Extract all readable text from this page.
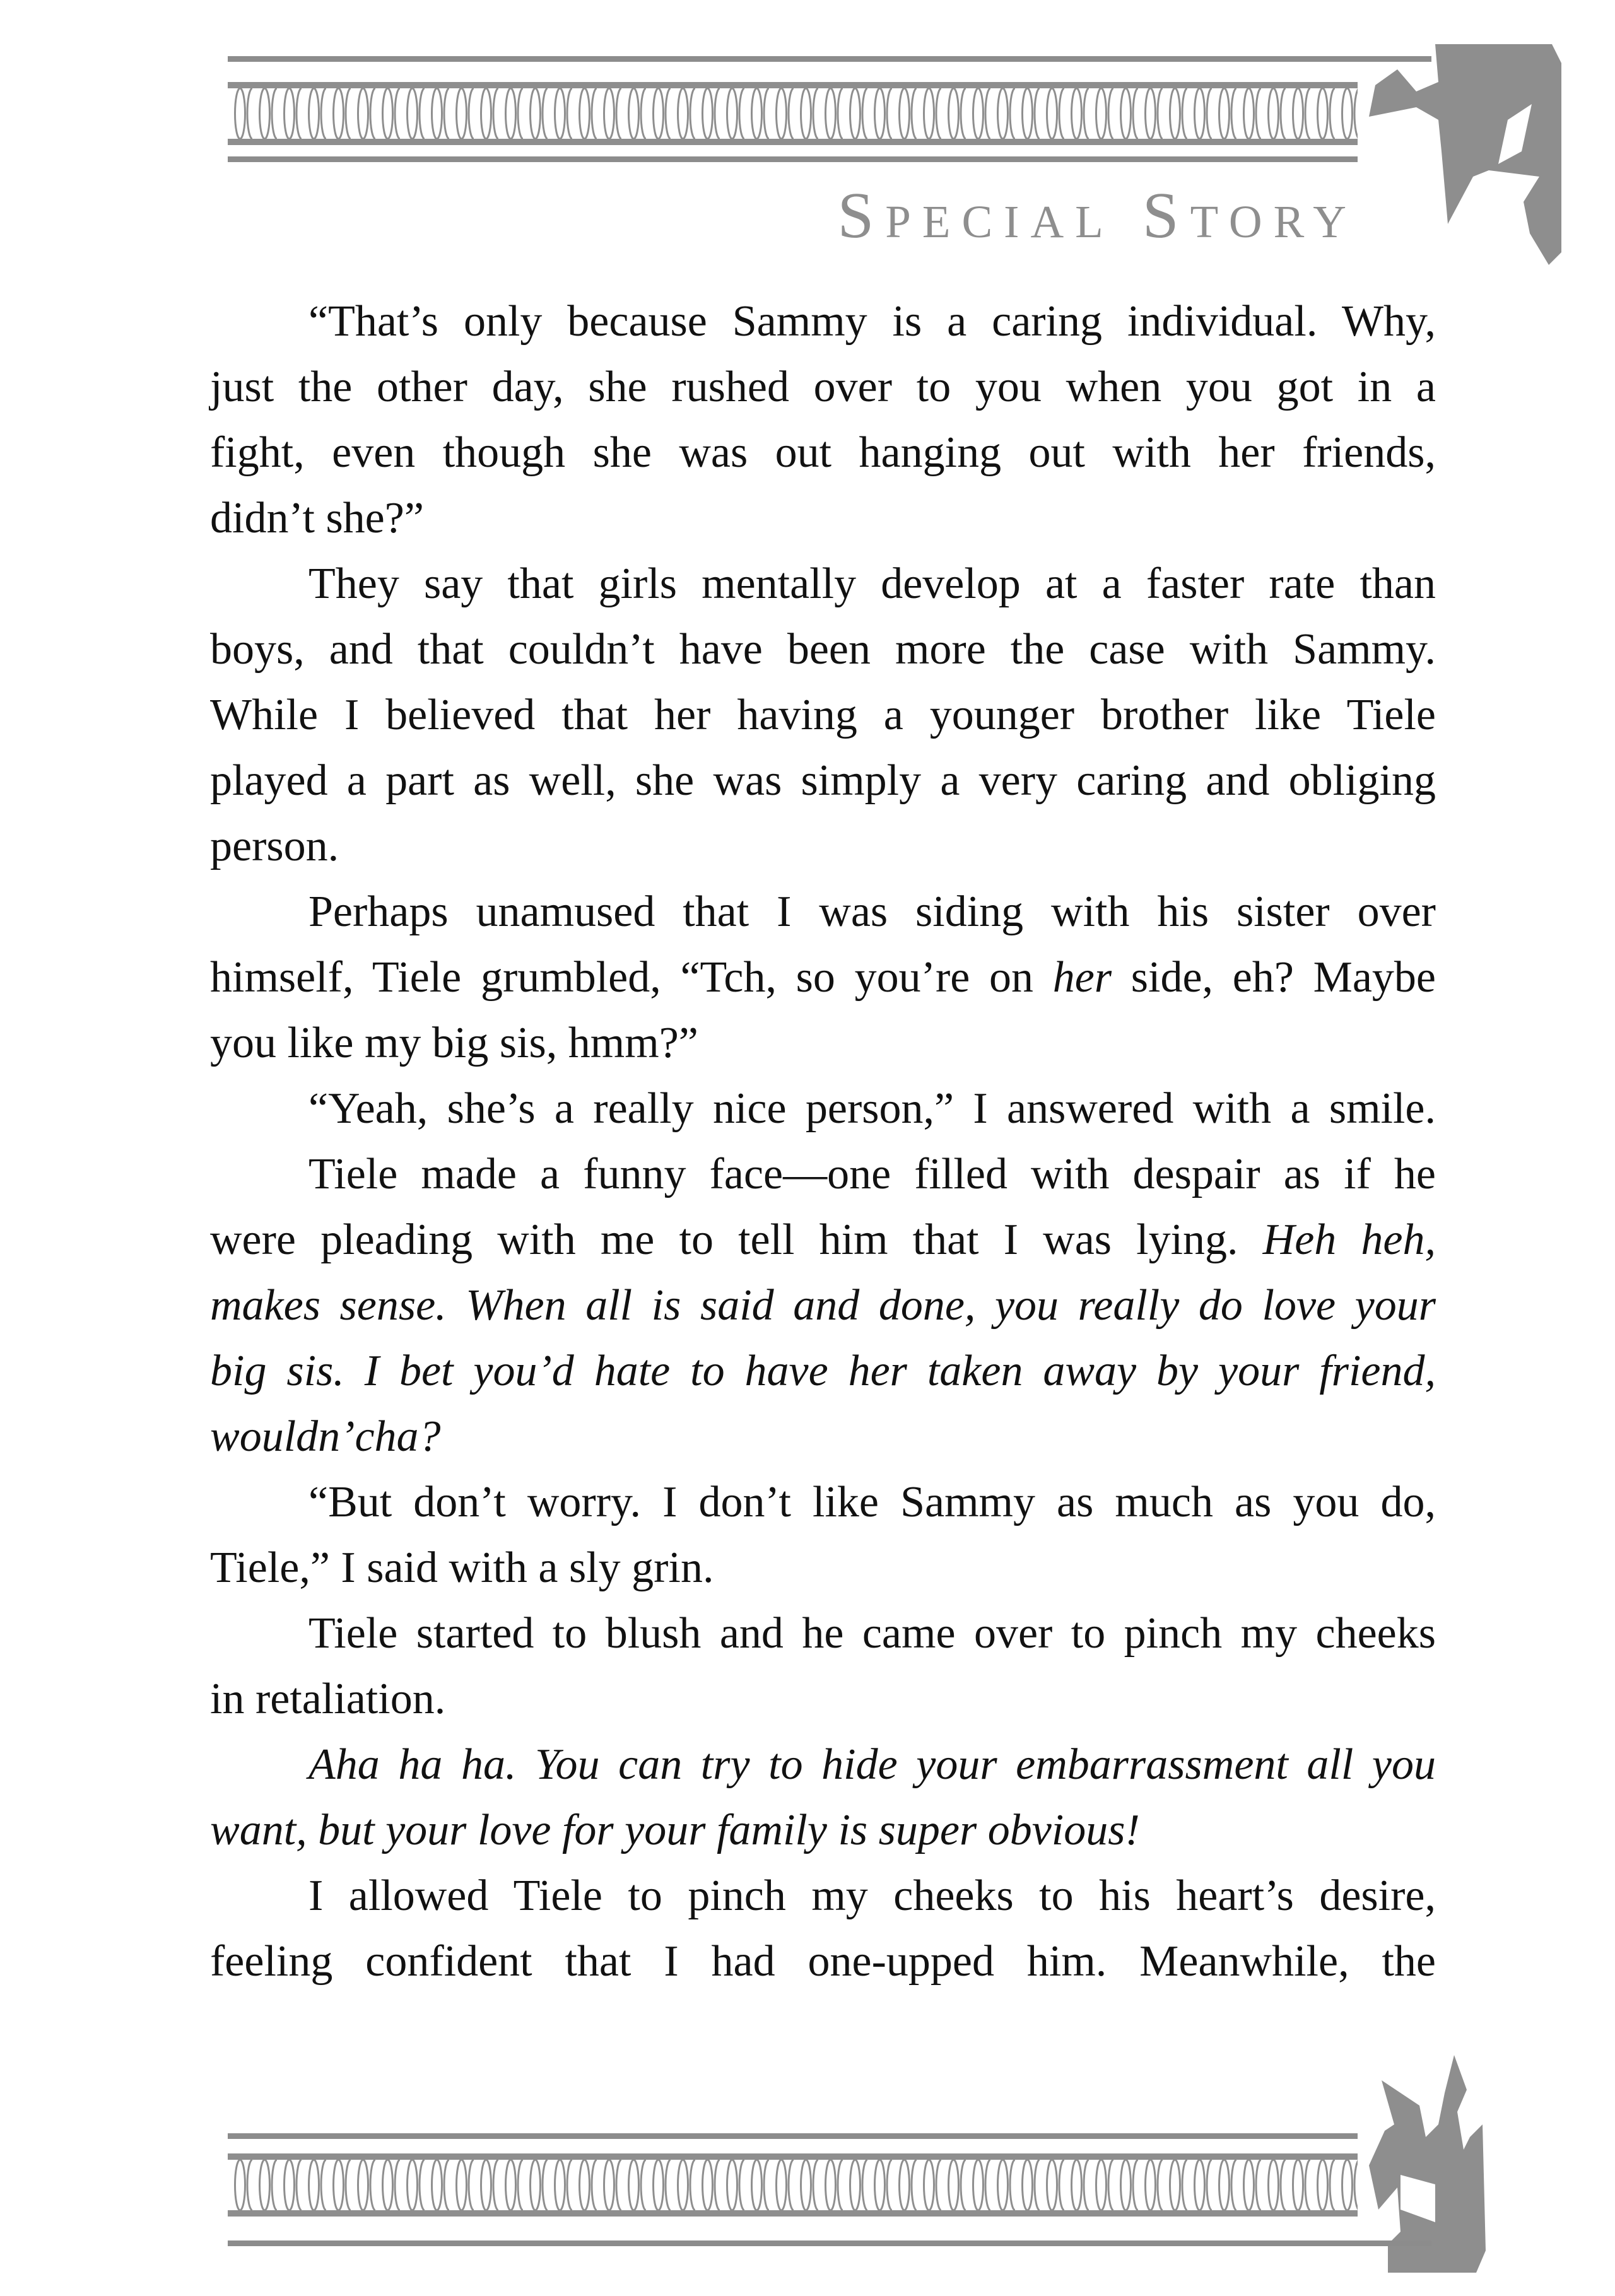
Special Story
“That’s only because Sammy is a caring individual. Why,
just the other day, she rushed over to you when you got in a
fight, even though she was out hanging out with her friends,
didn’t she?”
They say that girls mentally develop at a faster rate than
boys, and that couldn’t have been more the case with Sammy.
While I believed that her having a younger brother like Tiele
played a part as well, she was simply a very caring and obliging
person.
Perhaps unamused that I was siding with his sister over
himself, Tiele grumbled, “Tch, so you’re on her side, eh? Maybe
you like my big sis, hmm?”
“Yeah, she’s a really nice person,” I answered with a smile.
Tiele made a funny face—one filled with despair as if he
were pleading with me to tell him that I was lying. Heh heh,
makes sense. When all is said and done, you really do love your
big sis. I bet you’d hate to have her taken away by your friend,
wouldn’cha?
“But don’t worry. I don’t like Sammy as much as you do,
Tiele,” I said with a sly grin.
Tiele started to blush and he came over to pinch my cheeks
in retaliation.
Aha ha ha. You can try to hide your embarrassment all you
want, but your love for your family is super obvious!
I allowed Tiele to pinch my cheeks to his heart’s desire,
feeling confident that I had one-upped him. Meanwhile, the
